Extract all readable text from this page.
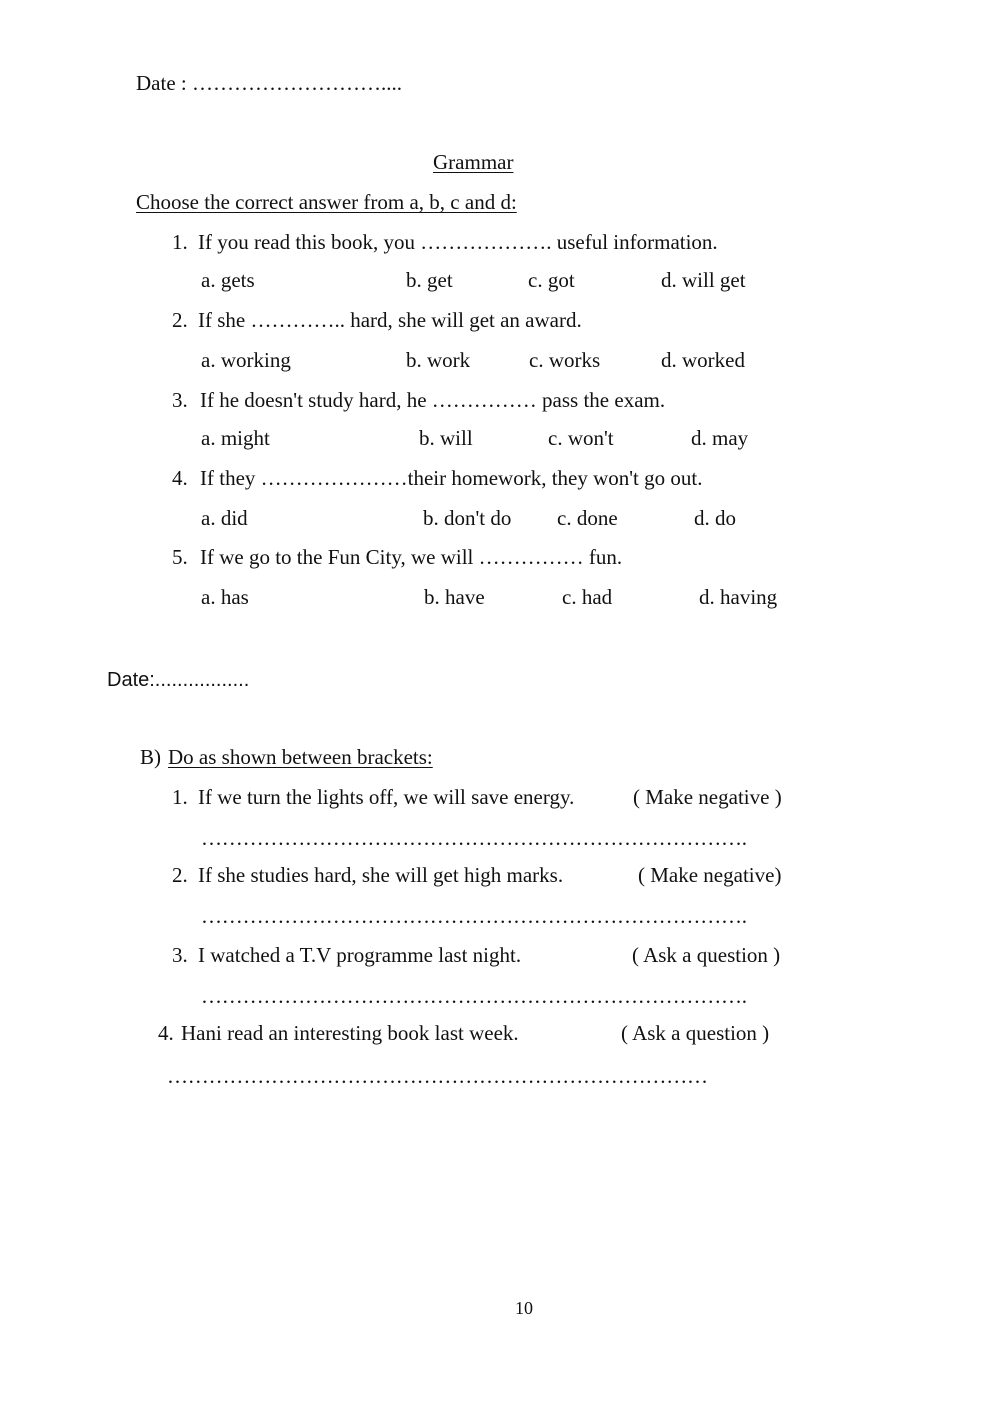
Date : ………………………....
Grammar
Choose the correct answer from a, b, c and d:
1. If you read this book, you ………………. useful information.
a. gets	b. get	c. got	d. will get
2. If she ………….. hard, she will get an award.
a. working	b. work	c. works	d. worked
3. If he doesn't study hard, he …………… pass the exam.
a. might	b. will	c. won't	d. may
4. If they …………………their homework, they won't go out.
a. did	b. don't do c. done	d. do
5. If we go to the Fun City, we will …………… fun.
a. has	b. have	c. had	d. having
Date:.................
B) Do as shown between brackets:
1. If we turn the lights off, we will save energy.	( Make negative )
…………………………………………………………………….
2. If she studies hard, she will get high marks.	( Make negative)
…………………………………………………………………….
3. I watched a T.V programme last night.	( Ask a question )
…………………………………………………………………….
4. Hani read an interesting book last week.	( Ask a question )
……………………………………………………………………
10
